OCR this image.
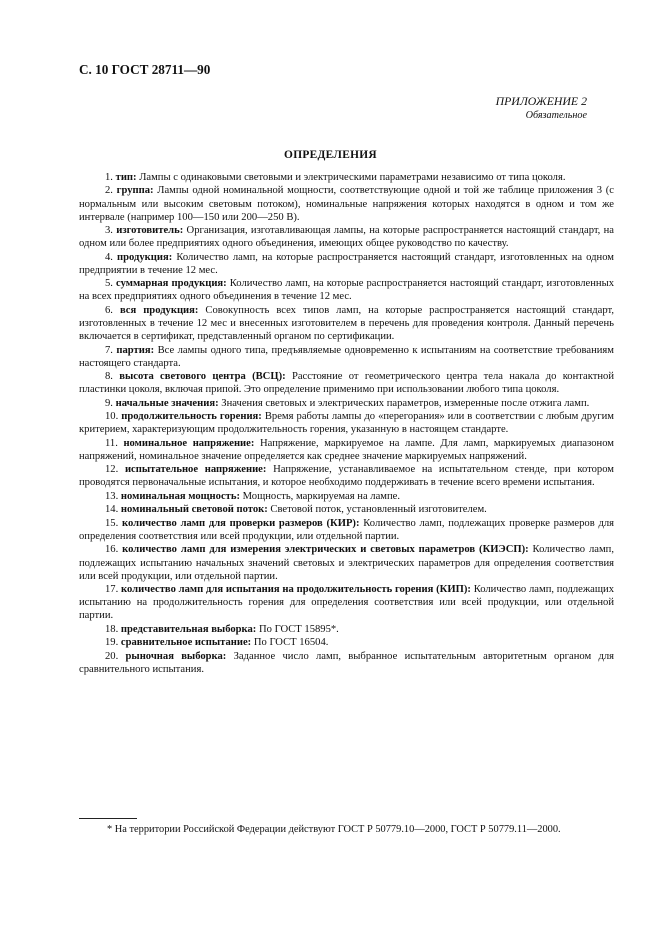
С. 10 ГОСТ 28711—90
ПРИЛОЖЕНИЕ 2
Обязательное
ОПРЕДЕЛЕНИЯ

1. тип: Лампы с одинаковыми световыми и электрическими параметрами независимо от типа цоколя.

2. группа: Лампы одной номинальной мощности, соответствующие одной и той же таблице приложения 3 (с нормальным или высоким световым потоком), номинальные напряжения которых находятся в одном и том же интервале (например 100—150 или 200—250 В).

3. изготовитель: Организация, изготавливающая лампы, на которые распространяется настоящий стандарт, на одном или более предприятиях одного объединения, имеющих общее руководство по качеству.

4. продукция: Количество ламп, на которые распространяется настоящий стандарт, изготовленных на одном предприятии в течение 12 мес.

5. суммарная продукция: Количество ламп, на которые распространяется настоящий стандарт, изготовленных на всех предприятиях одного объединения в течение 12 мес.

6. вся продукция: Совокупность всех типов ламп, на которые распространяется настоящий стандарт, изготовленных в течение 12 мес и внесенных изготовителем в перечень для проведения контроля. Данный перечень включается в сертификат, представленный органом по сертификации.

7. партия: Все лампы одного типа, предъявляемые одновременно к испытаниям на соответствие требованиям настоящего стандарта.

8. высота светового центра (ВСЦ): Расстояние от геометрического центра тела накала до контактной пластинки цоколя, включая припой. Это определение применимо при использовании любого типа цоколя.

9. начальные значения: Значения световых и электрических параметров, измеренные после отжига ламп.

10. продолжительность горения: Время работы лампы до «перегорания» или в соответствии с любым другим критерием, характеризующим продолжительность горения, указанную в настоящем стандарте.

11. номинальное напряжение: Напряжение, маркируемое на лампе. Для ламп, маркируемых диапазоном напряжений, номинальное значение определяется как среднее значение маркируемых напряжений.

12. испытательное напряжение: Напряжение, устанавливаемое на испытательном стенде, при котором проводятся первоначальные испытания, и которое необходимо поддерживать в течение всего времени испытания.

13. номинальная мощность: Мощность, маркируемая на лампе.

14. номинальный световой поток: Световой поток, установленный изготовителем.

15. количество ламп для проверки размеров (КИР): Количество ламп, подлежащих проверке размеров для определения соответствия или всей продукции, или отдельной партии.

16. количество ламп для измерения электрических и световых параметров (КИЭСП): Количество ламп, подлежащих испытанию начальных значений световых и электрических параметров для определения соответствия или всей продукции, или отдельной партии.

17. количество ламп для испытания на продолжительность горения (КИП): Количество ламп, подлежащих испытанию на продолжительность горения для определения соответствия или всей продукции, или отдельной партии.

18. представительная выборка: По ГОСТ 15895*.

19. сравнительное испытание: По ГОСТ 16504.

20. рыночная выборка: Заданное число ламп, выбранное испытательным авторитетным органом для сравнительного испытания.

* На территории Российской Федерации действуют ГОСТ Р 50779.10—2000, ГОСТ Р 50779.11—2000.
